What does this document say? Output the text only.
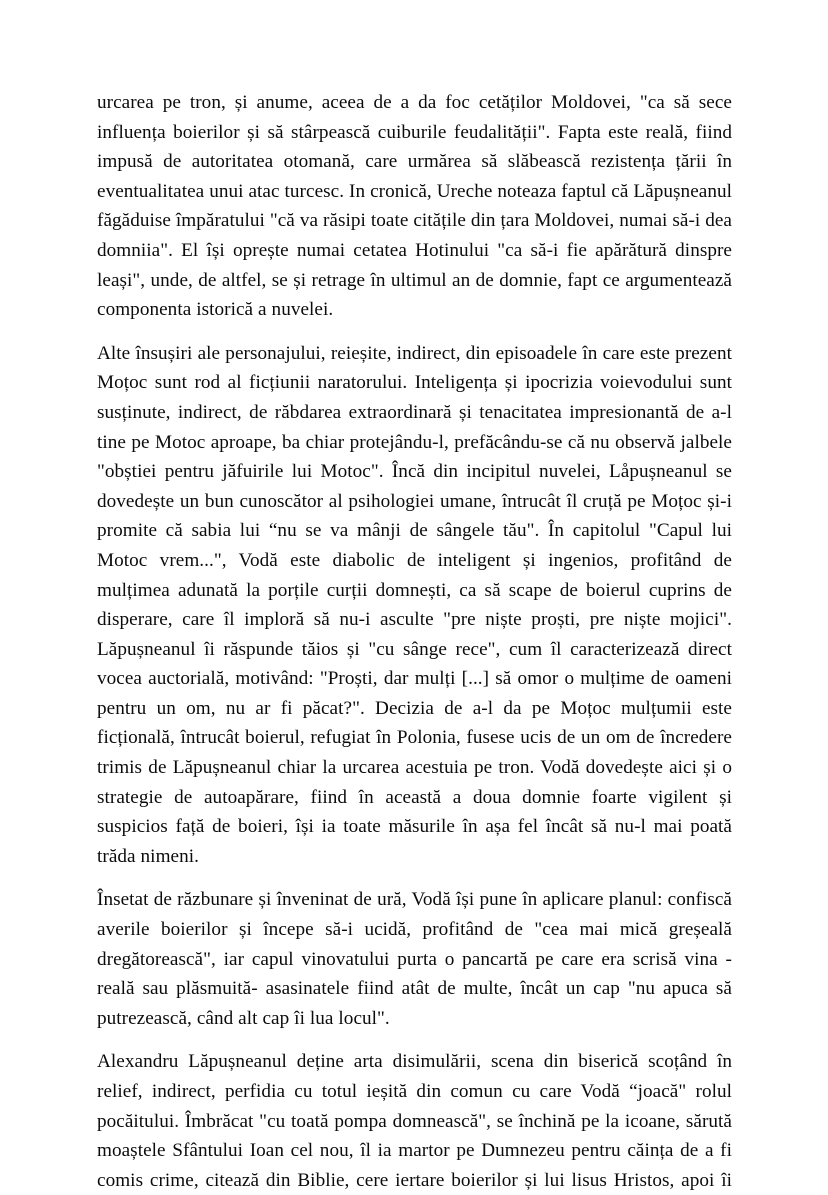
urcarea pe tron, și anume, aceea de a da foc cetăților Moldovei, "ca să sece influența boierilor și să stârpească cuiburile feudalității". Fapta este reală, fiind impusă de autoritatea otomană, care urmărea să slăbească rezistența țării în eventualitatea unui atac turcesc. In cronică, Ureche noteaza faptul că Lăpușneanul făgăduise împăratului "că va răsipi toate citățile din țara Moldovei, numai să-i dea domniia". El își oprește numai cetatea Hotinului "ca să-i fie apărătură dinspre leași", unde, de altfel, se și retrage în ultimul an de domnie, fapt ce argumentează componenta istorică a nuvelei.

Alte însușiri ale personajului, reieșite, indirect, din episoadele în care este prezent Moțoc sunt rod al ficțiunii naratorului. Inteligența și ipocrizia voievodului sunt susținute, indirect, de răbdarea extraordinară și tenacitatea impresionantă de a-l tine pe Motoc aproape, ba chiar protejându-l, prefăcându-se că nu observă jalbele "obștiei pentru jăfuirile lui Motoc". Încă din incipitul nuvelei, Låpușneanul se dovedește un bun cunoscător al psihologiei umane, întrucât îl cruță pe Moțoc și-i promite că sabia lui “nu se va mânji de sângele tău". În capitolul "Capul lui Motoc vrem...", Vodă este diabolic de inteligent și ingenios, profitând de mulțimea adunată la porțile curții domnești, ca să scape de boierul cuprins de disperare, care îl imploră să nu-i asculte "pre niște proști, pre niște mojici". Lăpușneanul îi răspunde tăios și "cu sânge rece", cum îl caracterizează direct vocea auctorială, motivând: "Proști, dar mulți [...] să omor o mulțime de oameni pentru un om, nu ar fi păcat?". Decizia de a-l da pe Moțoc mulțumii este ficțională, întrucât boierul, refugiat în Polonia, fusese ucis de un om de încredere trimis de Lăpușneanul chiar la urcarea acestuia pe tron. Vodă dovedește aici și o strategie de autoapărare, fiind în această a doua domnie foarte vigilent și suspicios față de boieri, își ia toate măsurile în așa fel încât să nu-l mai poată trăda nimeni.

Însetat de răzbunare și înveninat de ură, Vodă își pune în aplicare planul: confiscă averile boierilor și începe să-i ucidă, profitând de "cea mai mică greșeală dregătorească", iar capul vinovatului purta o pancartă pe care era scrisă vina -reală sau plăsmuită- asasinatele fiind atât de multe, încât un cap "nu apuca să putrezească, când alt cap îi lua locul".

Alexandru Lăpușneanul deține arta disimulării, scena din biserică scoțând în relief, indirect, perfidia cu totul ieșită din comun cu care Vodă “joacă" rolul pocăitului. Îmbrăcat "cu toată pompa domnească", se închină pe la icoane, sărută moaștele Sfântului Ioan cel nou, îl ia martor pe Dumnezeu pentru căința de a fi comis crime, citează din Biblie, cere iertare boierilor și lui lisus Hristos, apoi îi
